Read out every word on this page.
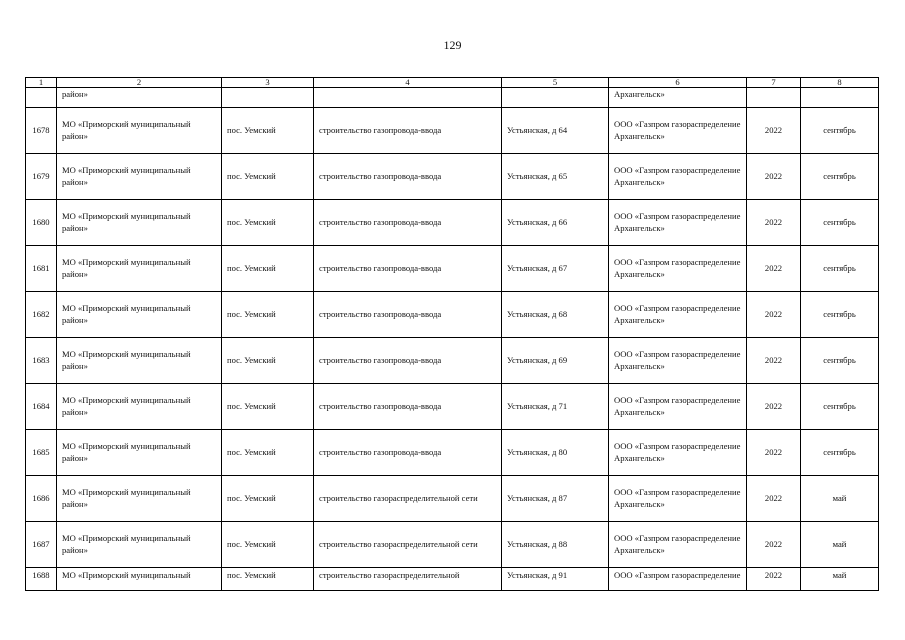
129
1	2	3	4	5	6	7	8
	район»				Архангельск»		
1678	МО «Приморский муниципальный район»	пос. Уемский	строительство газопровода-ввода	Устьянская, д 64	ООО «Газпром газораспределение Архангельск»	2022	сентябрь
1679	МО «Приморский муниципальный район»	пос. Уемский	строительство газопровода-ввода	Устьянская, д 65	ООО «Газпром газораспределение Архангельск»	2022	сентябрь
1680	МО «Приморский муниципальный район»	пос. Уемский	строительство газопровода-ввода	Устьянская, д 66	ООО «Газпром газораспределение Архангельск»	2022	сентябрь
1681	МО «Приморский муниципальный район»	пос. Уемский	строительство газопровода-ввода	Устьянская, д 67	ООО «Газпром газораспределение Архангельск»	2022	сентябрь
1682	МО «Приморский муниципальный район»	пос. Уемский	строительство газопровода-ввода	Устьянская, д 68	ООО «Газпром газораспределение Архангельск»	2022	сентябрь
1683	МО «Приморский муниципальный район»	пос. Уемский	строительство газопровода-ввода	Устьянская, д 69	ООО «Газпром газораспределение Архангельск»	2022	сентябрь
1684	МО «Приморский муниципальный район»	пос. Уемский	строительство газопровода-ввода	Устьянская, д 71	ООО «Газпром газораспределение Архангельск»	2022	сентябрь
1685	МО «Приморский муниципальный район»	пос. Уемский	строительство газопровода-ввода	Устьянская, д 80	ООО «Газпром газораспределение Архангельск»	2022	сентябрь
1686	МО «Приморский муниципальный район»	пос. Уемский	строительство газораспределительной сети	Устьянская, д 87	ООО «Газпром газораспределение Архангельск»	2022	май
1687	МО «Приморский муниципальный район»	пос. Уемский	строительство газораспределительной сети	Устьянская, д 88	ООО «Газпром газораспределение Архангельск»	2022	май
1688	МО «Приморский муниципальный	пос. Уемский	строительство газораспределительной	Устьянская, д 91	ООО «Газпром газораспределение	2022	май
